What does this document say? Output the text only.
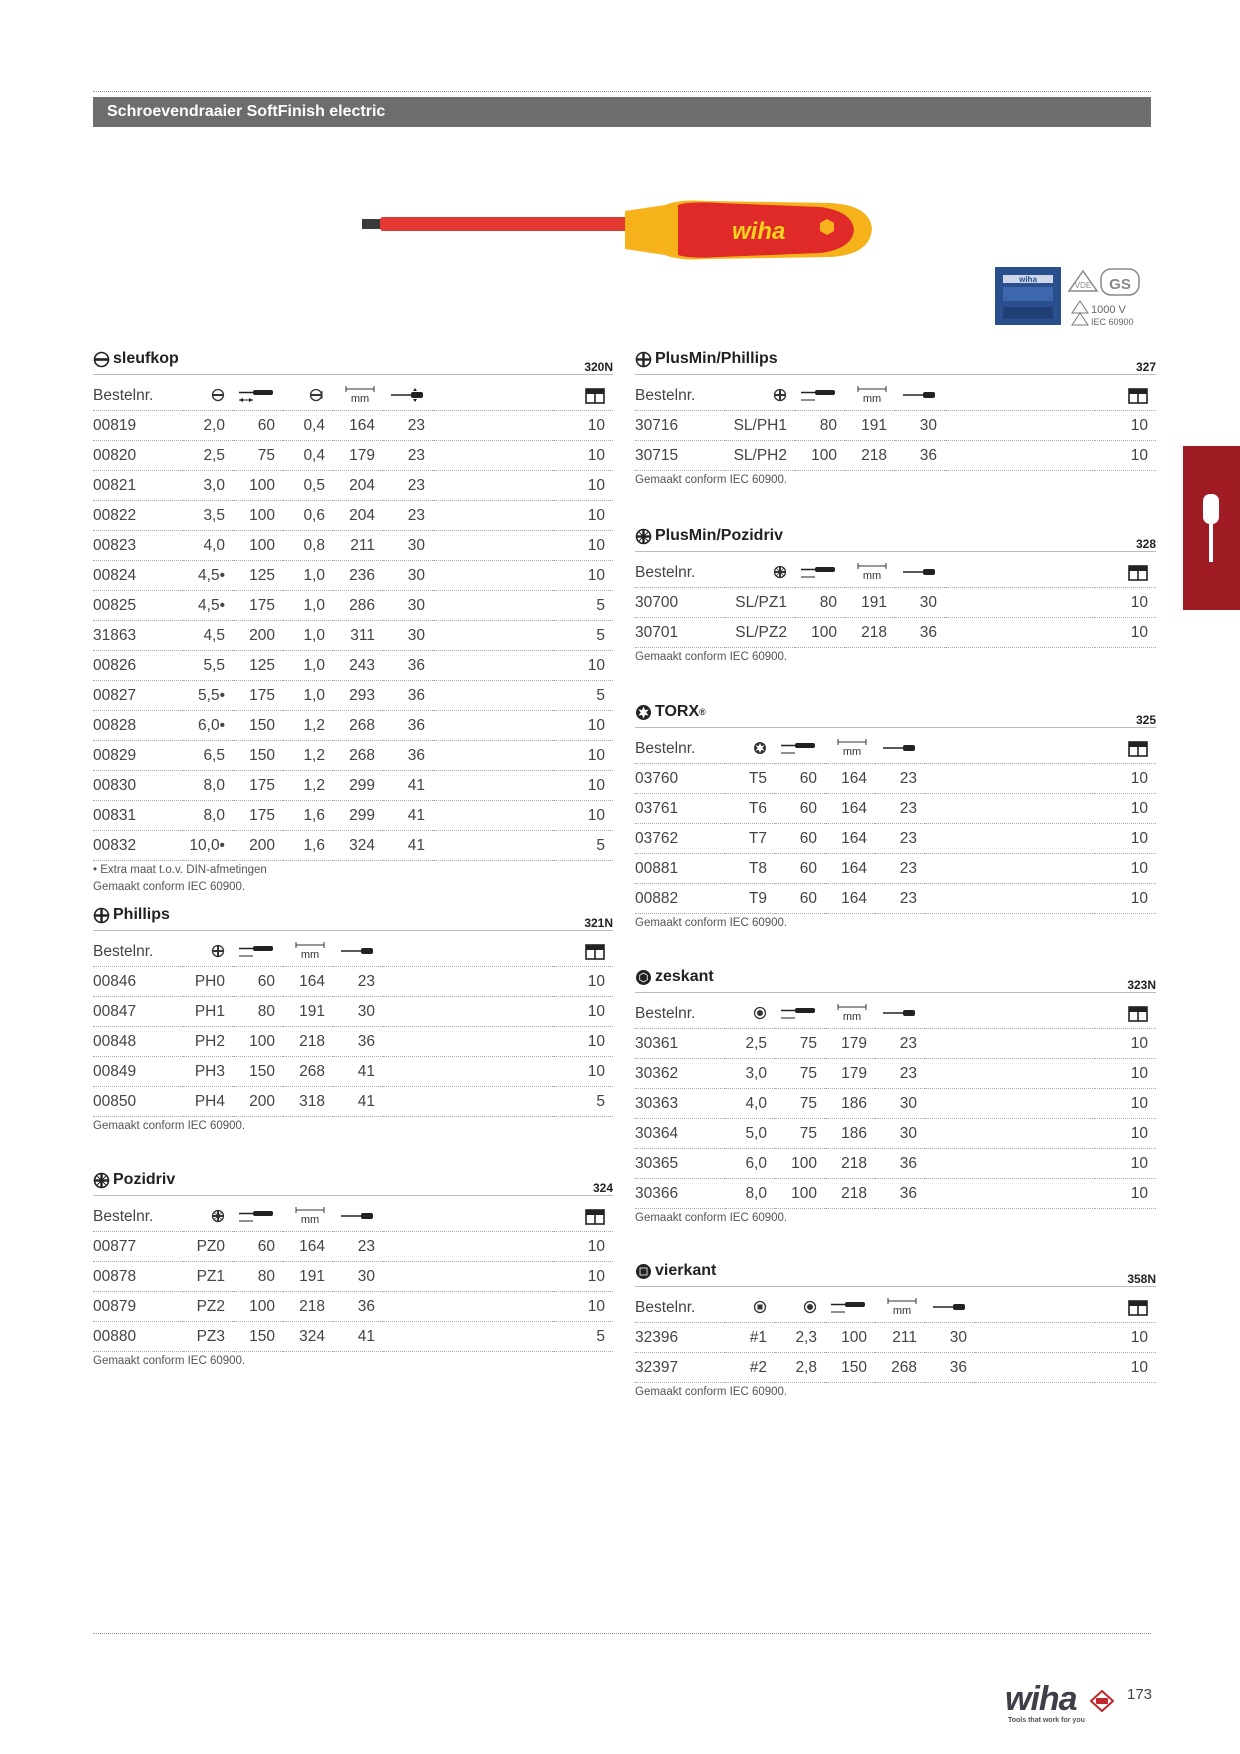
Schroevendraaier SoftFinish electric
wiha
wiha
VDE GS
1000 V
IEC 60900
sleufkop	320N
Bestelnr.				mm

00819	2,0	60	0,4	164	23		10
00820	2,5	75	0,4	179	23		10
00821	3,0	100	0,5	204	23		10
00822	3,5	100	0,6	204	23		10
00823	4,0	100	0,8	211	30		10
00824	4,5•	125	1,0	236	30		10
00825	4,5•	175	1,0	286	30		5
31863	4,5	200	1,0	311	30		5
00826	5,5	125	1,0	243	36		10
00827	5,5•	175	1,0	293	36		5
00828	6,0•	150	1,2	268	36		10
00829	6,5	150	1,2	268	36		10
00830	8,0	175	1,2	299	41		10
00831	8,0	175	1,6	299	41		10
00832	10,0•	200	1,6	324	41		5
• Extra maat t.o.v. DIN-afmetingen
Gemaakt conform IEC 60900.
Phillips	321N
Bestelnr.			mm

00846	PH0	60	164	23		10
00847	PH1	80	191	30		10
00848	PH2	100	218	36		10
00849	PH3	150	268	41		10
00850	PH4	200	318	41		5
Gemaakt conform IEC 60900.
Pozidriv	324
Bestelnr.			mm

00877	PZ0	60	164	23		10
00878	PZ1	80	191	30		10
00879	PZ2	100	218	36		10
00880	PZ3	150	324	41		5
Gemaakt conform IEC 60900.
PlusMin/Phillips	327
Bestelnr.			mm

30716	SL/PH1	80	191	30		10
30715	SL/PH2	100	218	36		10
Gemaakt conform IEC 60900.
PlusMin/Pozidriv	328
Bestelnr.			mm

30700	SL/PZ1	80	191	30		10
30701	SL/PZ2	100	218	36		10
Gemaakt conform IEC 60900.
TORX ®
325
Bestelnr.			mm

03760	T5	60	164	23		10
03761	T6	60	164	23		10
03762	T7	60	164	23		10
00881	T8	60	164	23		10
00882	T9	60	164	23		10
Gemaakt conform IEC 60900.
zeskant	323N
Bestelnr.			mm

30361	2,5	75	179	23		10
30362	3,0	75	179	23		10
30363	4,0	75	186	30		10
30364	5,0	75	186	30		10
30365	6,0	100	218	36		10
30366	8,0	100	218	36		10
Gemaakt conform IEC 60900.
vierkant	358N
Bestelnr.				mm

32396	#1	2,3	100	211	30		10
32397	#2	2,8	150	268	36		10
Gemaakt conform IEC 60900.
wiha
Tools that work for you
173
